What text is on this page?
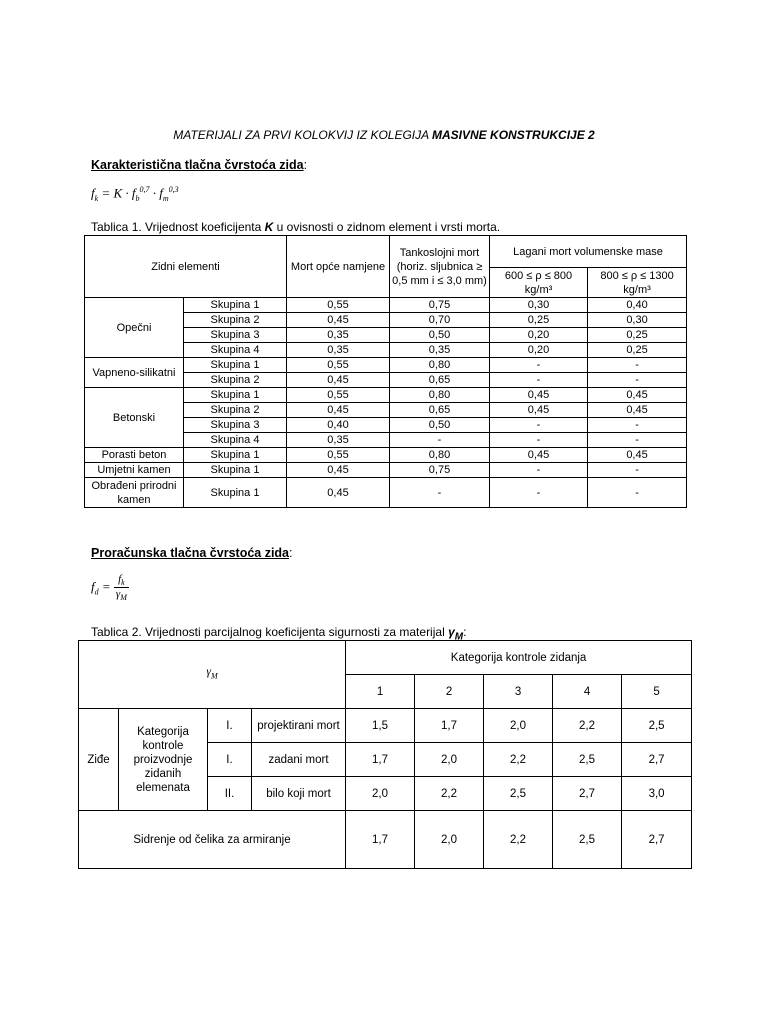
MATERIJALI ZA PRVI KOLOKVIJ IZ KOLEGIJA MASIVNE KONSTRUKCIJE 2
Karakteristična tlačna čvrstoća zida:
$f_k = K \cdot f_b^{0,7} \cdot f_m^{0,3}$
Tablica 1. Vrijednost koeficijenta K u ovisnosti o zidnom element i vrsti morta.
Zidni elementi		Mort opće namjene	Tankoslojni mort (horiz. sljubnica ≥ 0,5 mm i ≤ 3,0 mm)	Lagani mort volumenske mase	
				600 ≤ ρ ≤ 800 kg/m³	800 ≤ ρ ≤ 1300 kg/m³
Opečni	Skupina 1	0,55	0,75	0,30	0,40
	Skupina 2	0,45	0,70	0,25	0,30
	Skupina 3	0,35	0,50	0,20	0,25
	Skupina 4	0,35	0,35	0,20	0,25
Vapneno-silikatni	Skupina 1	0,55	0,80	-	-
	Skupina 2	0,45	0,65	-	-
Betonski	Skupina 1	0,55	0,80	0,45	0,45
	Skupina 2	0,45	0,65	0,45	0,45
	Skupina 3	0,40	0,50	-	-
	Skupina 4	0,35	-	-	-
Porasti beton	Skupina 1	0,55	0,80	0,45	0,45
Umjetni kamen	Skupina 1	0,45	0,75	-	-
Obrađeni prirodni kamen	Skupina 1	0,45	-	-	-
Proračunska tlačna čvrstoća zida:
$f_d = \frac{f_k}{\gamma_M}$
Tablica 2. Vrijednosti parcijalnog koeficijenta sigurnosti za materijal $\gamma_M$:
$\gamma_M$				Kategorija kontrole zidanja				
				1	2	3	4	5
Ziđe	Kategorija kontrole proizvodnje zidanih elemenata	I.	projektirani mort	1,5	1,7	2,0	2,2	2,5
		I.	zadani mort	1,7	2,0	2,2	2,5	2,7
		II.	bilo koji mort	2,0	2,2	2,5	2,7	3,0
Sidrenje od čelika za armiranje				1,7	2,0	2,2	2,5	2,7
